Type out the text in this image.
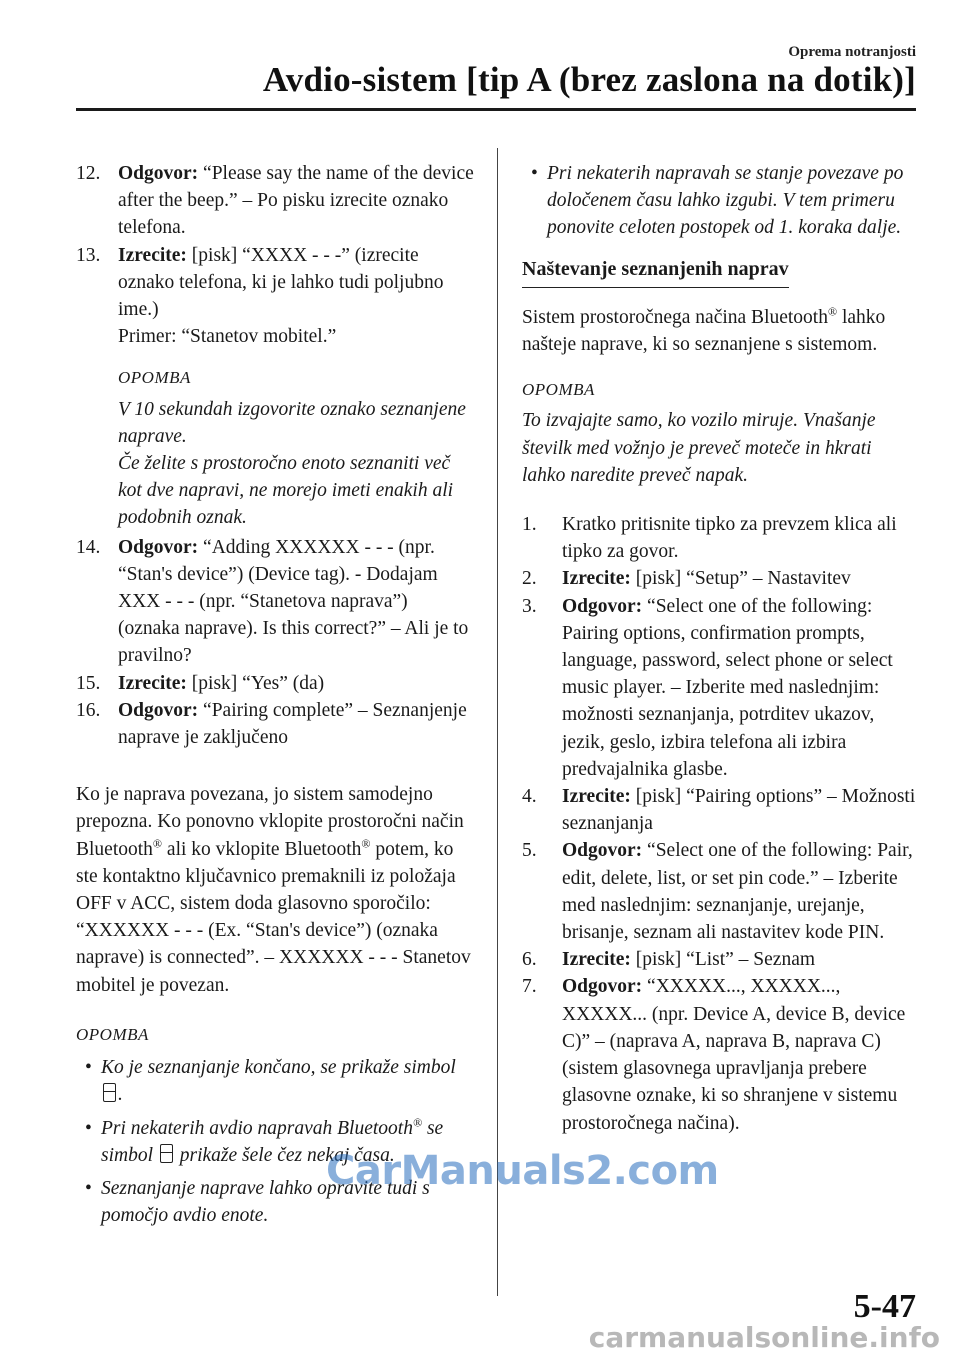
Oprema notranjosti
Avdio-sistem [tip A (brez zaslona na dotik)]
12. Odgovor: “Please say the name of the device after the beep.” – Po pisku izrecite oznako telefona.
13. Izrecite: [pisk] “XXXX - - -” (izrecite oznako telefona, ki je lahko tudi poljubno ime.)
Primer: “Stanetov mobitel.”
OPOMBA
V 10 sekundah izgovorite oznako seznanjene naprave.
Če želite s prostoročno enoto seznaniti več kot dve napravi, ne morejo imeti enakih ali podobnih oznak.
14. Odgovor: “Adding XXXXXX - - - (npr. “Stan's device”) (Device tag). - Dodajam XXX - - - (npr. “Stanetova naprava”) (oznaka naprave). Is this correct?” – Ali je to pravilno?
15. Izrecite: [pisk] “Yes” (da)
16. Odgovor: “Pairing complete” – Seznanjenje naprave je zaključeno
Ko je naprava povezana, jo sistem samodejno prepozna. Ko ponovno vklopite prostoročni način Bluetooth® ali ko vklopite Bluetooth® potem, ko ste kontaktno ključavnico premaknili iz položaja OFF v ACC, sistem doda glasovno sporočilo: “XXXXXX - - - (Ex. “Stan's device”) (oznaka naprave) is connected”. – XXXXXX - - - Stanetov mobitel je povezan.
OPOMBA
• Ko je seznanjanje končano, se prikaže simbol .
• Pri nekaterih avdio napravah Bluetooth® se simbol  prikaže šele čez nekaj časa.
• Seznanjanje naprave lahko opravite tudi s pomočjo avdio enote.
• Pri nekaterih napravah se stanje povezave po določenem času lahko izgubi. V tem primeru ponovite celoten postopek od 1. koraka dalje.
Naštevanje seznanjenih naprav
Sistem prostoročnega načina Bluetooth® lahko našteje naprave, ki so seznanjene s sistemom.
OPOMBA
To izvajajte samo, ko vozilo miruje. Vnašanje številk med vožnjo je preveč moteče in hkrati lahko naredite preveč napak.
1. Kratko pritisnite tipko za prevzem klica ali tipko za govor.
2. Izrecite: [pisk] “Setup” – Nastavitev
3. Odgovor: “Select one of the following: Pairing options, confirmation prompts, language, password, select phone or select music player. – Izberite med naslednjim: možnosti seznanjanja, potrditev ukazov, jezik, geslo, izbira telefona ali izbira predvajalnika glasbe.
4. Izrecite: [pisk] “Pairing options” – Možnosti seznanjanja
5. Odgovor: “Select one of the following: Pair, edit, delete, list, or set pin code.” – Izberite med naslednjim: seznanjanje, urejanje, brisanje, seznam ali nastavitev kode PIN.
6. Izrecite: [pisk] “List” – Seznam
7. Odgovor: “XXXXX..., XXXXX..., XXXXX... (npr. Device A, device B, device C)” – (naprava A, naprava B, naprava C) (sistem glasovnega upravljanja prebere glasovne oznake, ki so shranjene v sistemu prostoročnega načina).
CarManuals2.com
5-47
carmanualsonline.info
